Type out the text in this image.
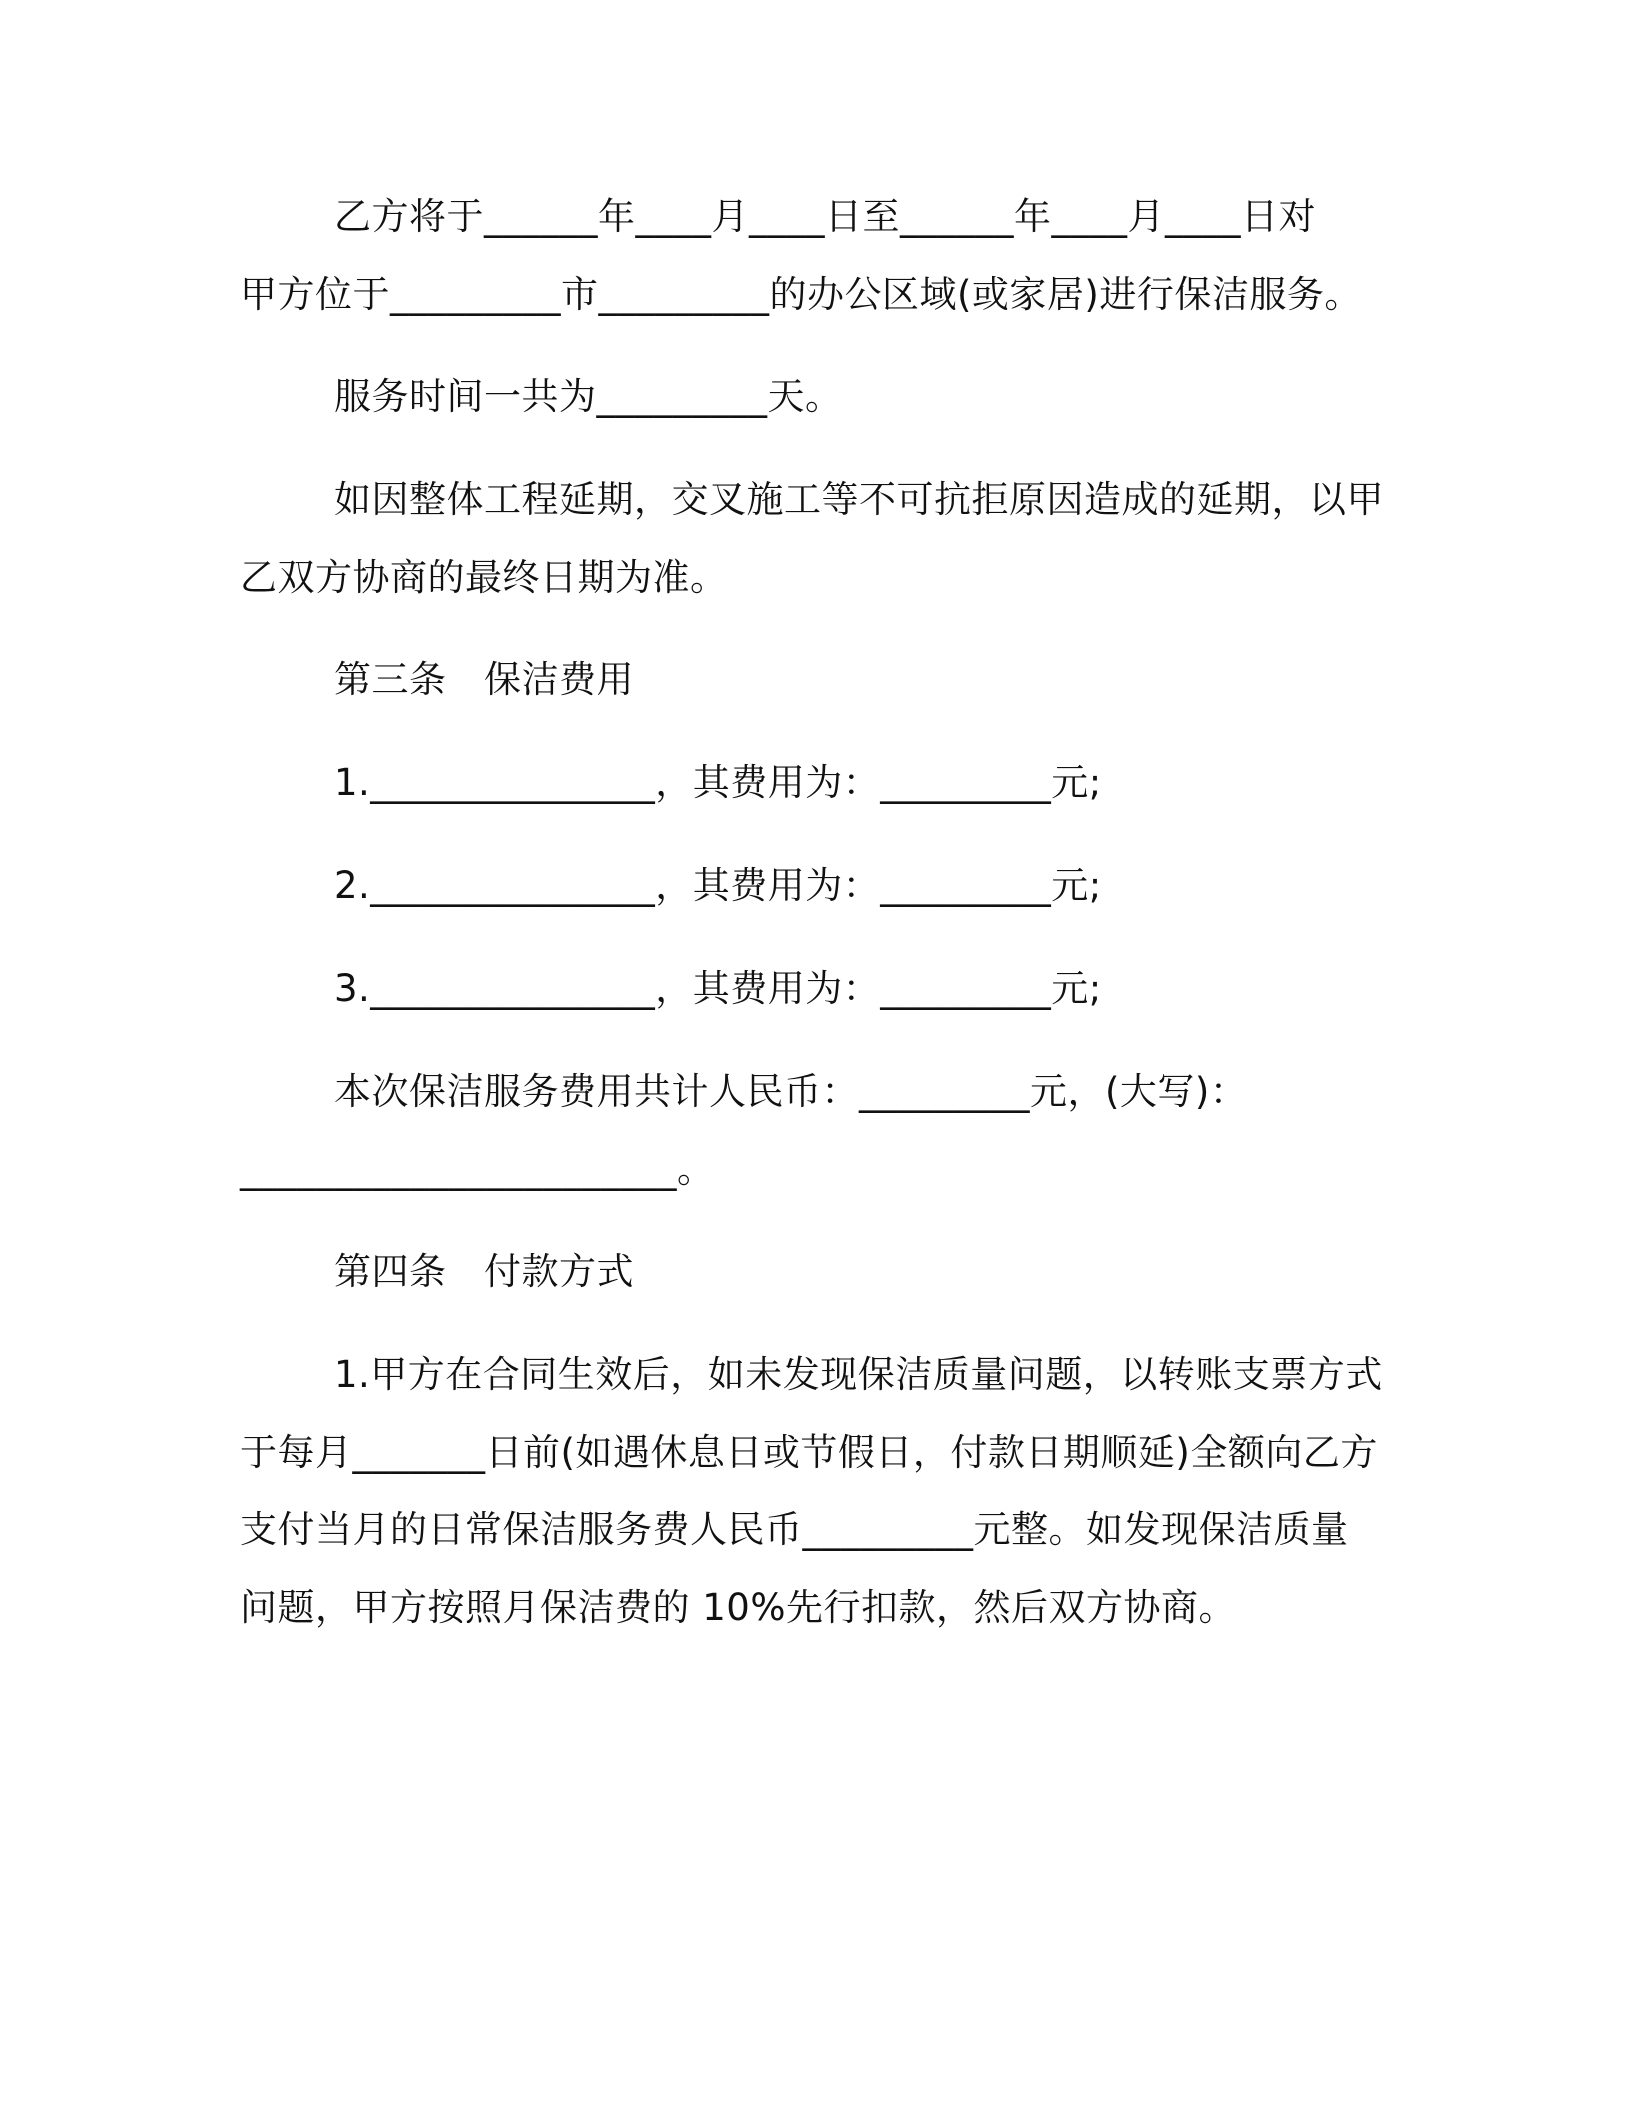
乙方将于______年____月____日至______年____月____日对

甲方位于_________市_________的办公区域(或家居)进行保洁服务。

服务时间一共为_________天。

如因整体工程延期，交叉施工等不可抗拒原因造成的延期，以甲

乙双方协商的最终日期为准。

第三条　保洁费用

1._______________，其费用为：_________元;

2._______________，其费用为：_________元;

3._______________，其费用为：_________元;

本次保洁服务费用共计人民币：_________元，(大写)：

_______________________。

第四条　付款方式

1.甲方在合同生效后，如未发现保洁质量问题，以转账支票方式

于每月_______日前(如遇休息日或节假日，付款日期顺延)全额向乙方

支付当月的日常保洁服务费人民币_________元整。如发现保洁质量

问题，甲方按照月保洁费的 10%先行扣款，然后双方协商。
